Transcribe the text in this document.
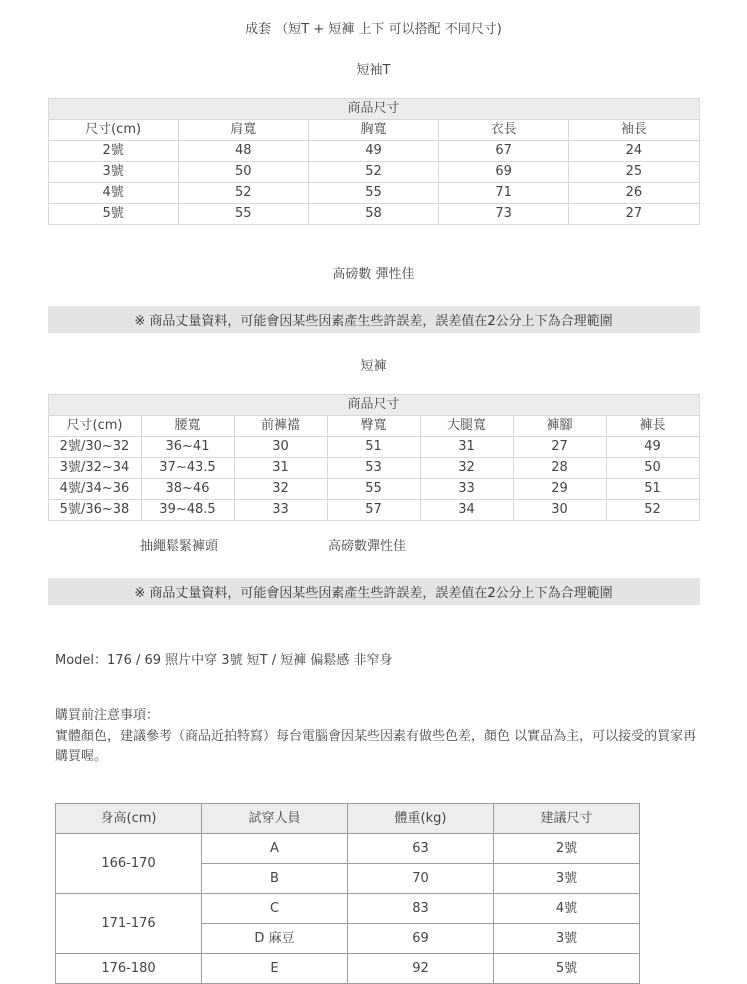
成套 （短T + 短褲 上下 可以搭配 不同尺寸)

短袖T

商品尺寸				
尺寸(cm)	肩寬	胸寬	衣長	袖長
2號	48	49	67	24
3號	50	52	69	25
4號	52	55	71	26
5號	55	58	73	27

高磅數 彈性佳

※ 商品丈量資料，可能會因某些因素產生些許誤差，誤差值在2公分上下為合理範圍

短褲

商品尺寸						
尺寸(cm)	腰寬	前褲襠	臀寬	大腿寬	褲腳	褲長
2號/30~32	36~41	30	51	31	27	49
3號/32~34	37~43.5	31	53	32	28	50
4號/34~36	38~46	32	55	33	29	51
5號/36~38	39~48.5	33	57	34	30	52
抽繩鬆緊褲頭	高磅數彈性佳
※ 商品丈量資料，可能會因某些因素產生些許誤差，誤差值在2公分上下為合理範圍

Model：176 / 69 照片中穿 3號 短T / 短褲 偏鬆感 非窄身

購買前注意事項：

實體顏色，建議參考（商品近拍特寫）每台電腦會因某些因素有做些色差，顏色 以實品為主，可以接受的買家再購買喔。

身高(cm)	試穿人員	體重(kg)	建議尺寸
166-170	A	63	2號
	B	70	3號
171-176	C	83	4號
	D 麻豆	69	3號
176-180	E	92	5號
